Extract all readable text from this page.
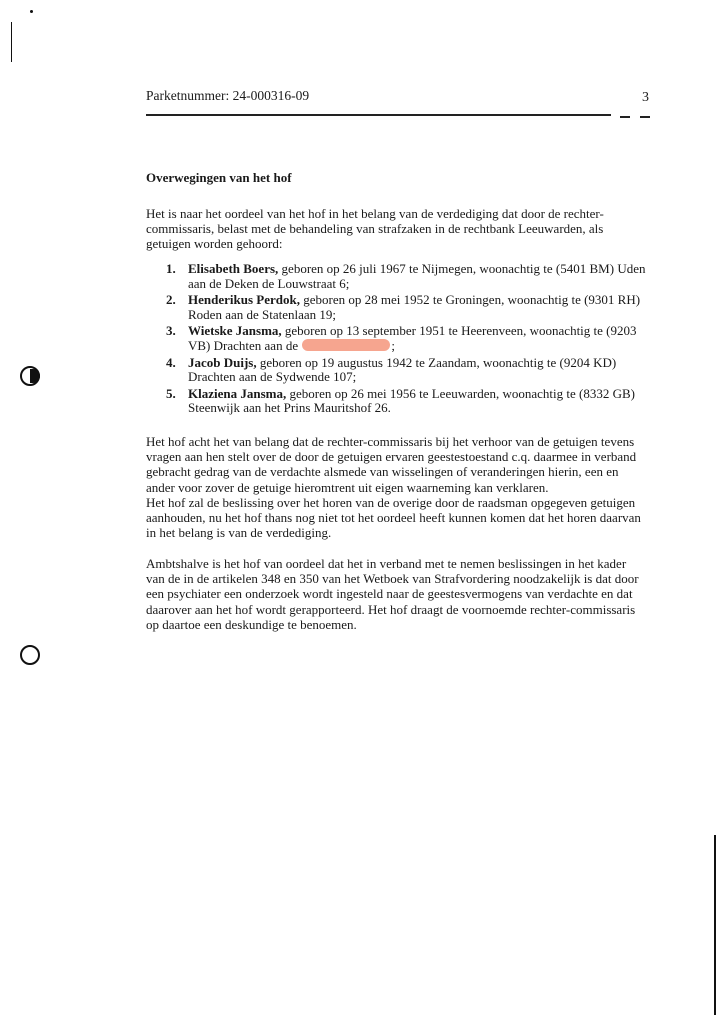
Parketnummer: 24-000316-09	3
Overwegingen van het hof

Het is naar het oordeel van het hof in het belang van de verdediging dat door de rechter-commissaris, belast met de behandeling van strafzaken in de rechtbank Leeuwarden, als getuigen worden gehoord:

1. Elisabeth Boers, geboren op 26 juli 1967 te Nijmegen, woonachtig te (5401 BM) Uden aan de Deken de Louwstraat 6;
2. Henderikus Perdok, geboren op 28 mei 1952 te Groningen, woonachtig te (9301 RH) Roden aan de Statenlaan 19;
3. Wietske Jansma, geboren op 13 september 1951 te Heerenveen, woonachtig te (9203 VB) Drachten aan de	;
4. Jacob Duijs, geboren op 19 augustus 1942 te Zaandam, woonachtig te (9204 KD) Drachten aan de Sydwende 107;
5. Klaziena Jansma, geboren op 26 mei 1956 te Leeuwarden, woonachtig te (8332 GB) Steenwijk aan het Prins Mauritshof 26.

Het hof acht het van belang dat de rechter-commissaris bij het verhoor van de getuigen tevens vragen aan hen stelt over de door de getuigen ervaren geestestoestand c.q. daarmee in verband gebracht gedrag van de verdachte alsmede van wisselingen of veranderingen hierin, een en ander voor zover de getuige hieromtrent uit eigen waarneming kan verklaren.

Het hof zal de beslissing over het horen van de overige door de raadsman opgegeven getuigen aanhouden, nu het hof thans nog niet tot het oordeel heeft kunnen komen dat het horen daarvan in het belang is van de verdediging.

Ambtshalve is het hof van oordeel dat het in verband met te nemen beslissingen in het kader van de in de artikelen 348 en 350 van het Wetboek van Strafvordering noodzakelijk is dat door een psychiater een onderzoek wordt ingesteld naar de geestesvermogens van verdachte en dat daarover aan het hof wordt gerapporteerd. Het hof draagt de voornoemde rechter-commissaris op daartoe een deskundige te benoemen.
